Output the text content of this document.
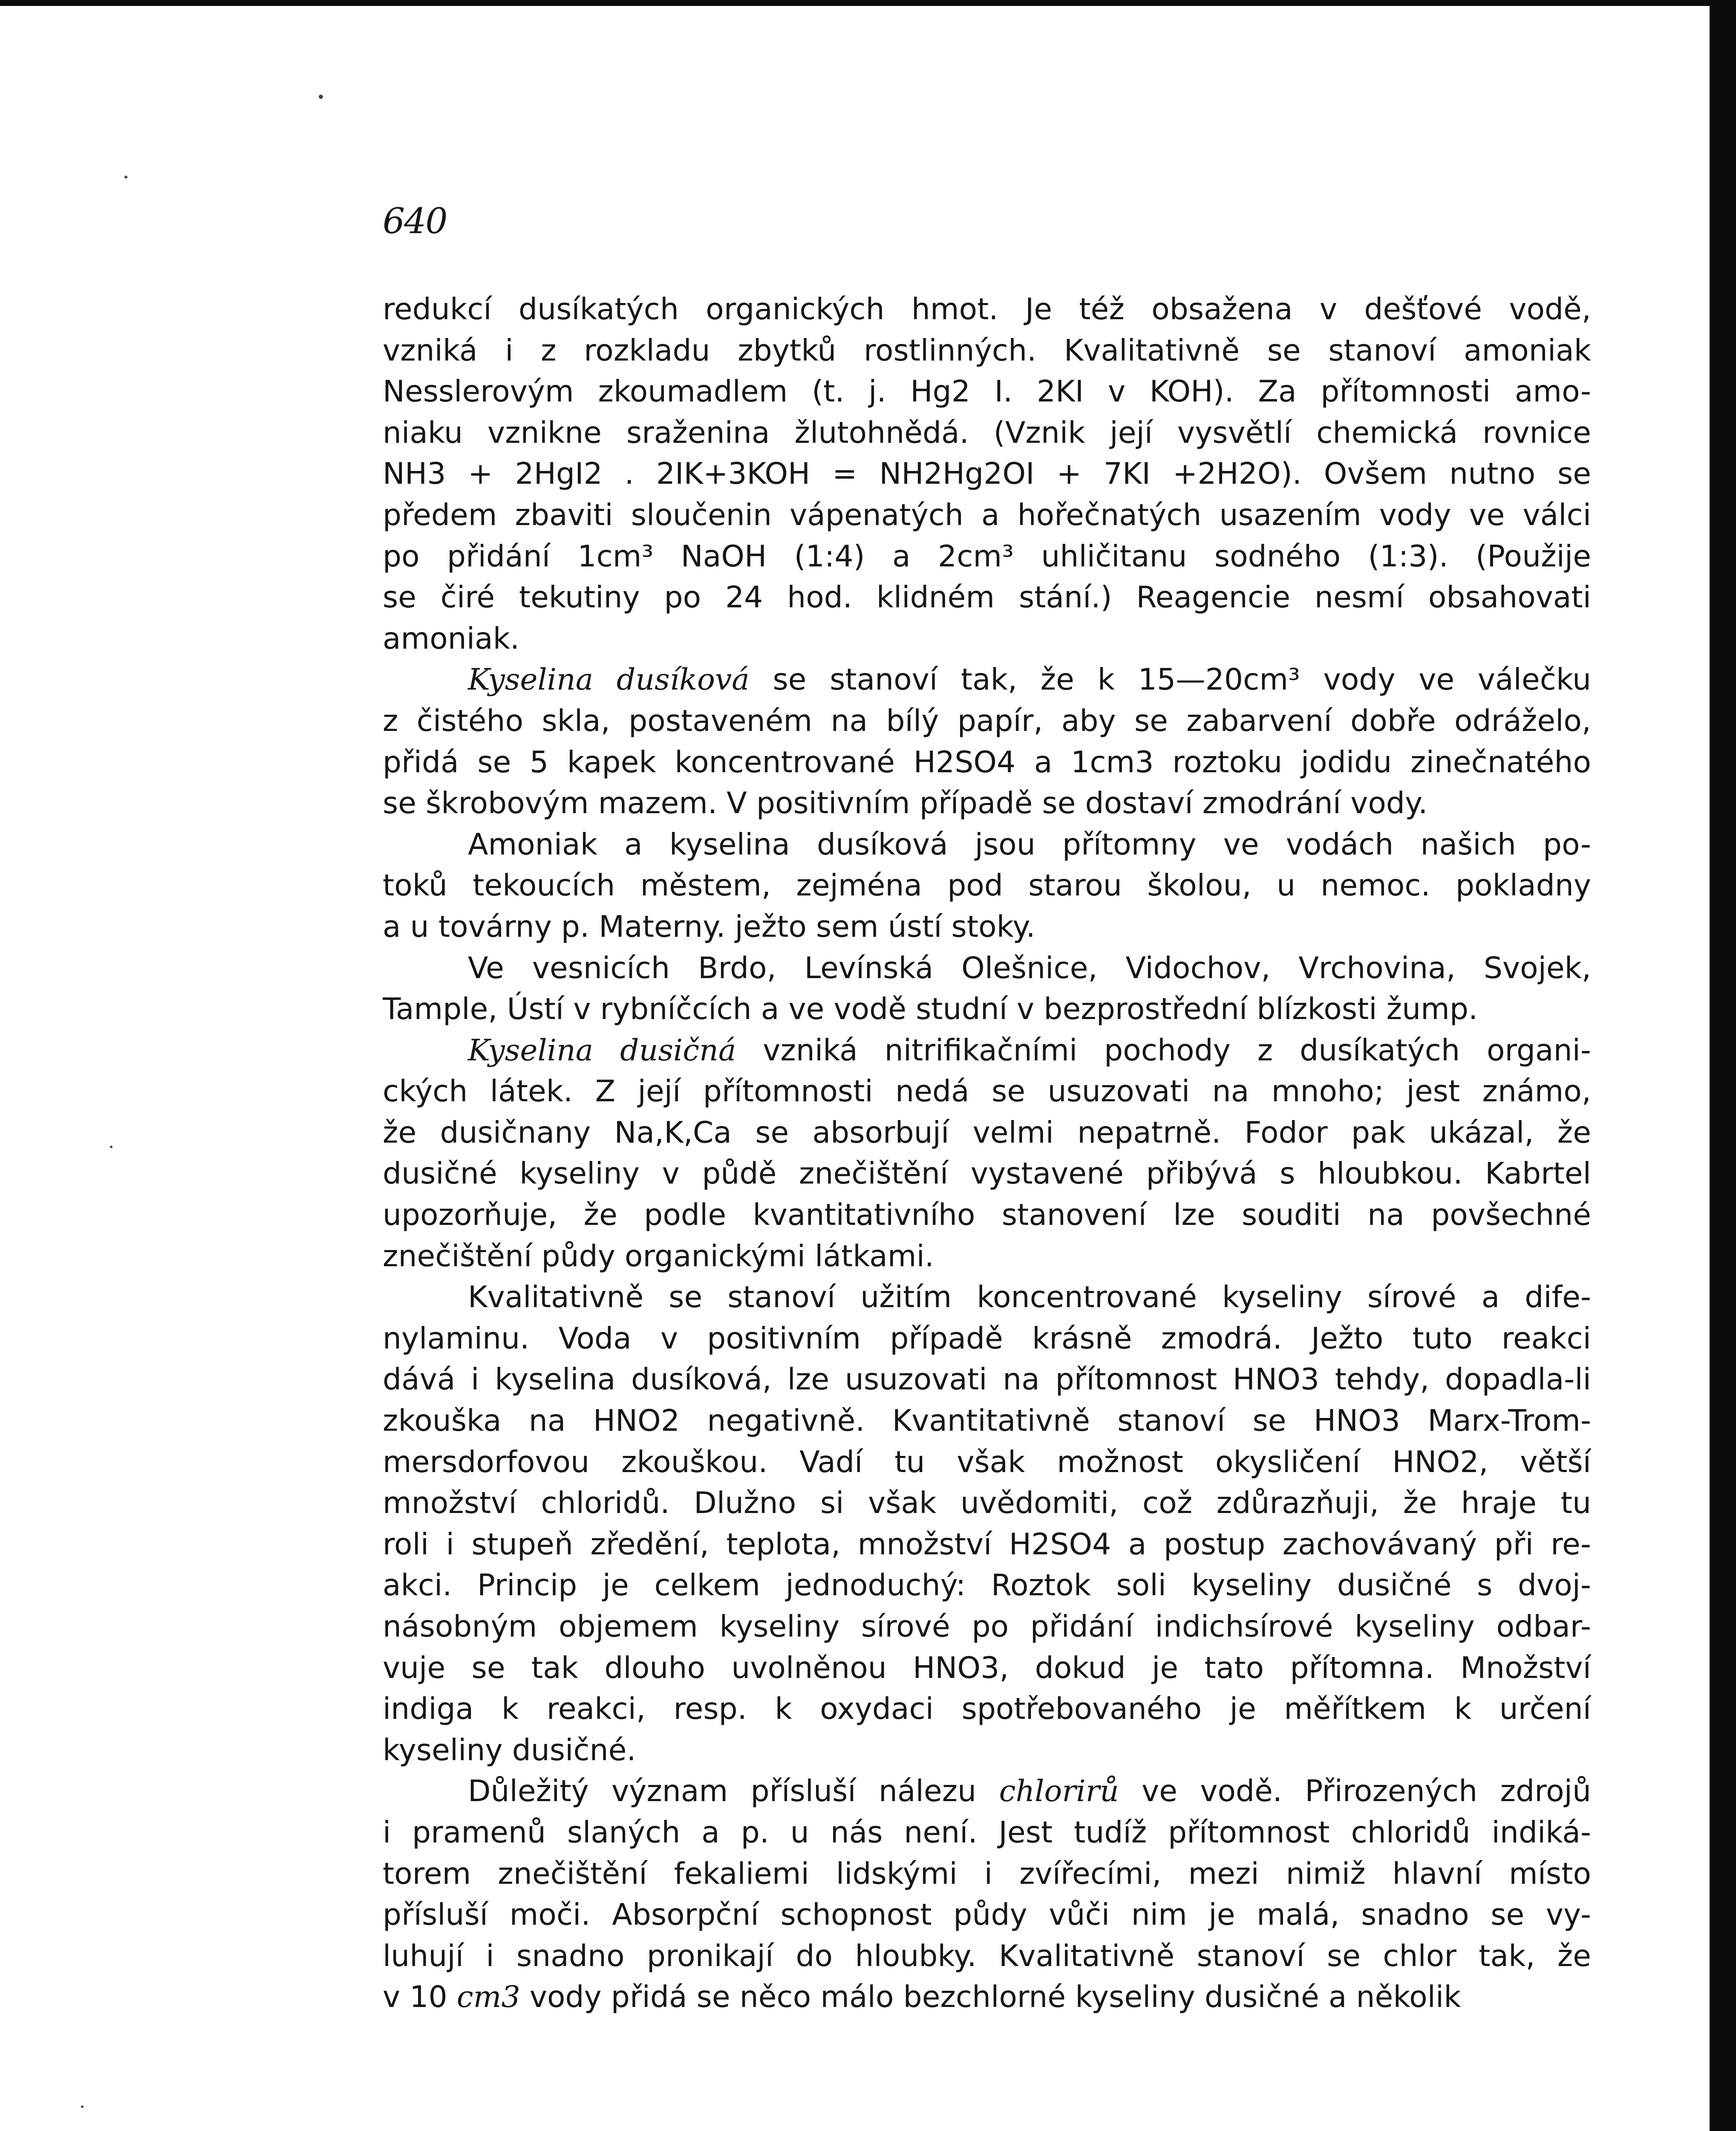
640
redukcí dusíkatých organických hmot. Je též obsažena v dešťové vodě,
vzniká i z rozkladu zbytků rostlinných. Kvalitativně se stanoví amoniak
Nesslerovým zkoumadlem (t. j. Hg2 I. 2KI v KOH). Za přítomnosti amo-
niaku vznikne sraženina žlutohnědá. (Vznik její vysvětlí chemická rovnice
NH3 + 2HgI2 . 2IK+3KOH = NH2Hg2OI + 7KI +2H2O). Ovšem nutno se
předem zbaviti sloučenin vápenatých a hořečnatých usazením vody ve válci
po přidání 1cm³ NaOH (1:4) a 2cm³ uhličitanu sodného (1:3). (Použije
se čiré tekutiny po 24 hod. klidném stání.) Reagencie nesmí obsahovati
amoniak.
Kyselina dusíková se stanoví tak, že k 15—20cm³ vody ve válečku
z čistého skla, postaveném na bílý papír, aby se zabarvení dobře odráželo,
přidá se 5 kapek koncentrované H2SO4 a 1cm3 roztoku jodidu zinečnatého
se škrobovým mazem. V positivním případě se dostaví zmodrání vody.
Amoniak a kyselina dusíková jsou přítomny ve vodách našich po-
toků tekoucích městem, zejména pod starou školou, u nemoc. pokladny
a u továrny p. Materny. ježto sem ústí stoky.
Ve vesnicích Brdo, Levínská Olešnice, Vidochov, Vrchovina, Svojek,
Tample, Ústí v rybníčcích a ve vodě studní v bezprostřední blízkosti žump.
Kyselina dusičná vzniká nitrifikačními pochody z dusíkatých organi-
ckých látek. Z její přítomnosti nedá se usuzovati na mnoho; jest známo,
že dusičnany Na,K,Ca se absorbují velmi nepatrně. Fodor pak ukázal, že
dusičné kyseliny v půdě znečištění vystavené přibývá s hloubkou. Kabrtel
upozorňuje, že podle kvantitativního stanovení lze souditi na povšechné
znečištění půdy organickými látkami.
Kvalitativně se stanoví užitím koncentrované kyseliny sírové a dife-
nylaminu. Voda v positivním případě krásně zmodrá. Ježto tuto reakci
dává i kyselina dusíková, lze usuzovati na přítomnost HNO3 tehdy, dopadla-li
zkouška na HNO2 negativně. Kvantitativně stanoví se HNO3 Marx-Trom-
mersdorfovou zkouškou. Vadí tu však možnost okysličení HNO2, větší
množství chloridů. Dlužno si však uvědomiti, což zdůrazňuji, že hraje tu
roli i stupeň zředění, teplota, množství H2SO4 a postup zachovávaný při re-
akci. Princip je celkem jednoduchý: Roztok soli kyseliny dusičné s dvoj-
násobným objemem kyseliny sírové po přidání indichsírové kyseliny odbar-
vuje se tak dlouho uvolněnou HNO3, dokud je tato přítomna. Množství
indiga k reakci, resp. k oxydaci spotřebovaného je měřítkem k určení
kyseliny dusičné.
Důležitý význam přísluší nálezu chlorirů ve vodě. Přirozených zdrojů
i pramenů slaných a p. u nás není. Jest tudíž přítomnost chloridů indiká-
torem znečištění fekaliemi lidskými i zvířecími, mezi nimiž hlavní místo
přísluší moči. Absorpční schopnost půdy vůči nim je malá, snadno se vy-
luhují i snadno pronikají do hloubky. Kvalitativně stanoví se chlor tak, že
v 10 cm3 vody přidá se něco málo bezchlorné kyseliny dusičné a několik
